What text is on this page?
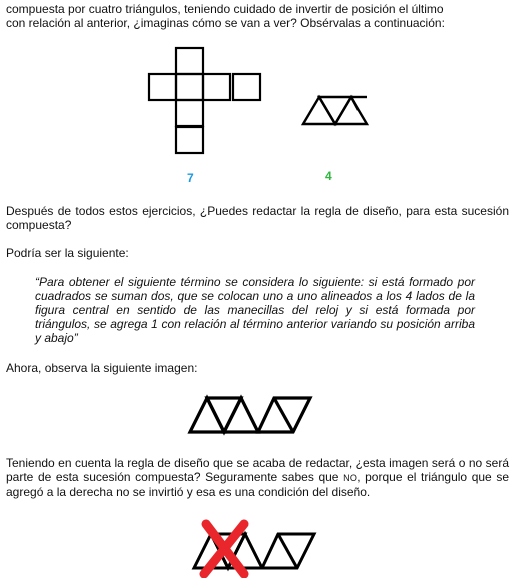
compuesta por cuatro triángulos, teniendo cuidado de invertir de posición el último
con relación al anterior, ¿imaginas cómo se van a ver? Obsérvalas a continuación:
7	4
Después de todos estos ejercicios, ¿Puedes redactar la regla de diseño, para esta sucesión compuesta?
Podría ser la siguiente:
“Para obtener el siguiente término se considera lo siguiente: si está formado por cuadrados se suman dos, que se colocan uno a uno alineados a los 4 lados de la figura central en sentido de las manecillas del reloj y si está formada por triángulos, se agrega 1 con relación al término anterior variando su posición arriba y abajo”
Ahora, observa la siguiente imagen:
Teniendo en cuenta la regla de diseño que se acaba de redactar, ¿esta imagen será o no será parte de esta sucesión compuesta? Seguramente sabes que NO, porque el triángulo que se agregó a la derecha no se invirtió y esa es una condición del diseño.
